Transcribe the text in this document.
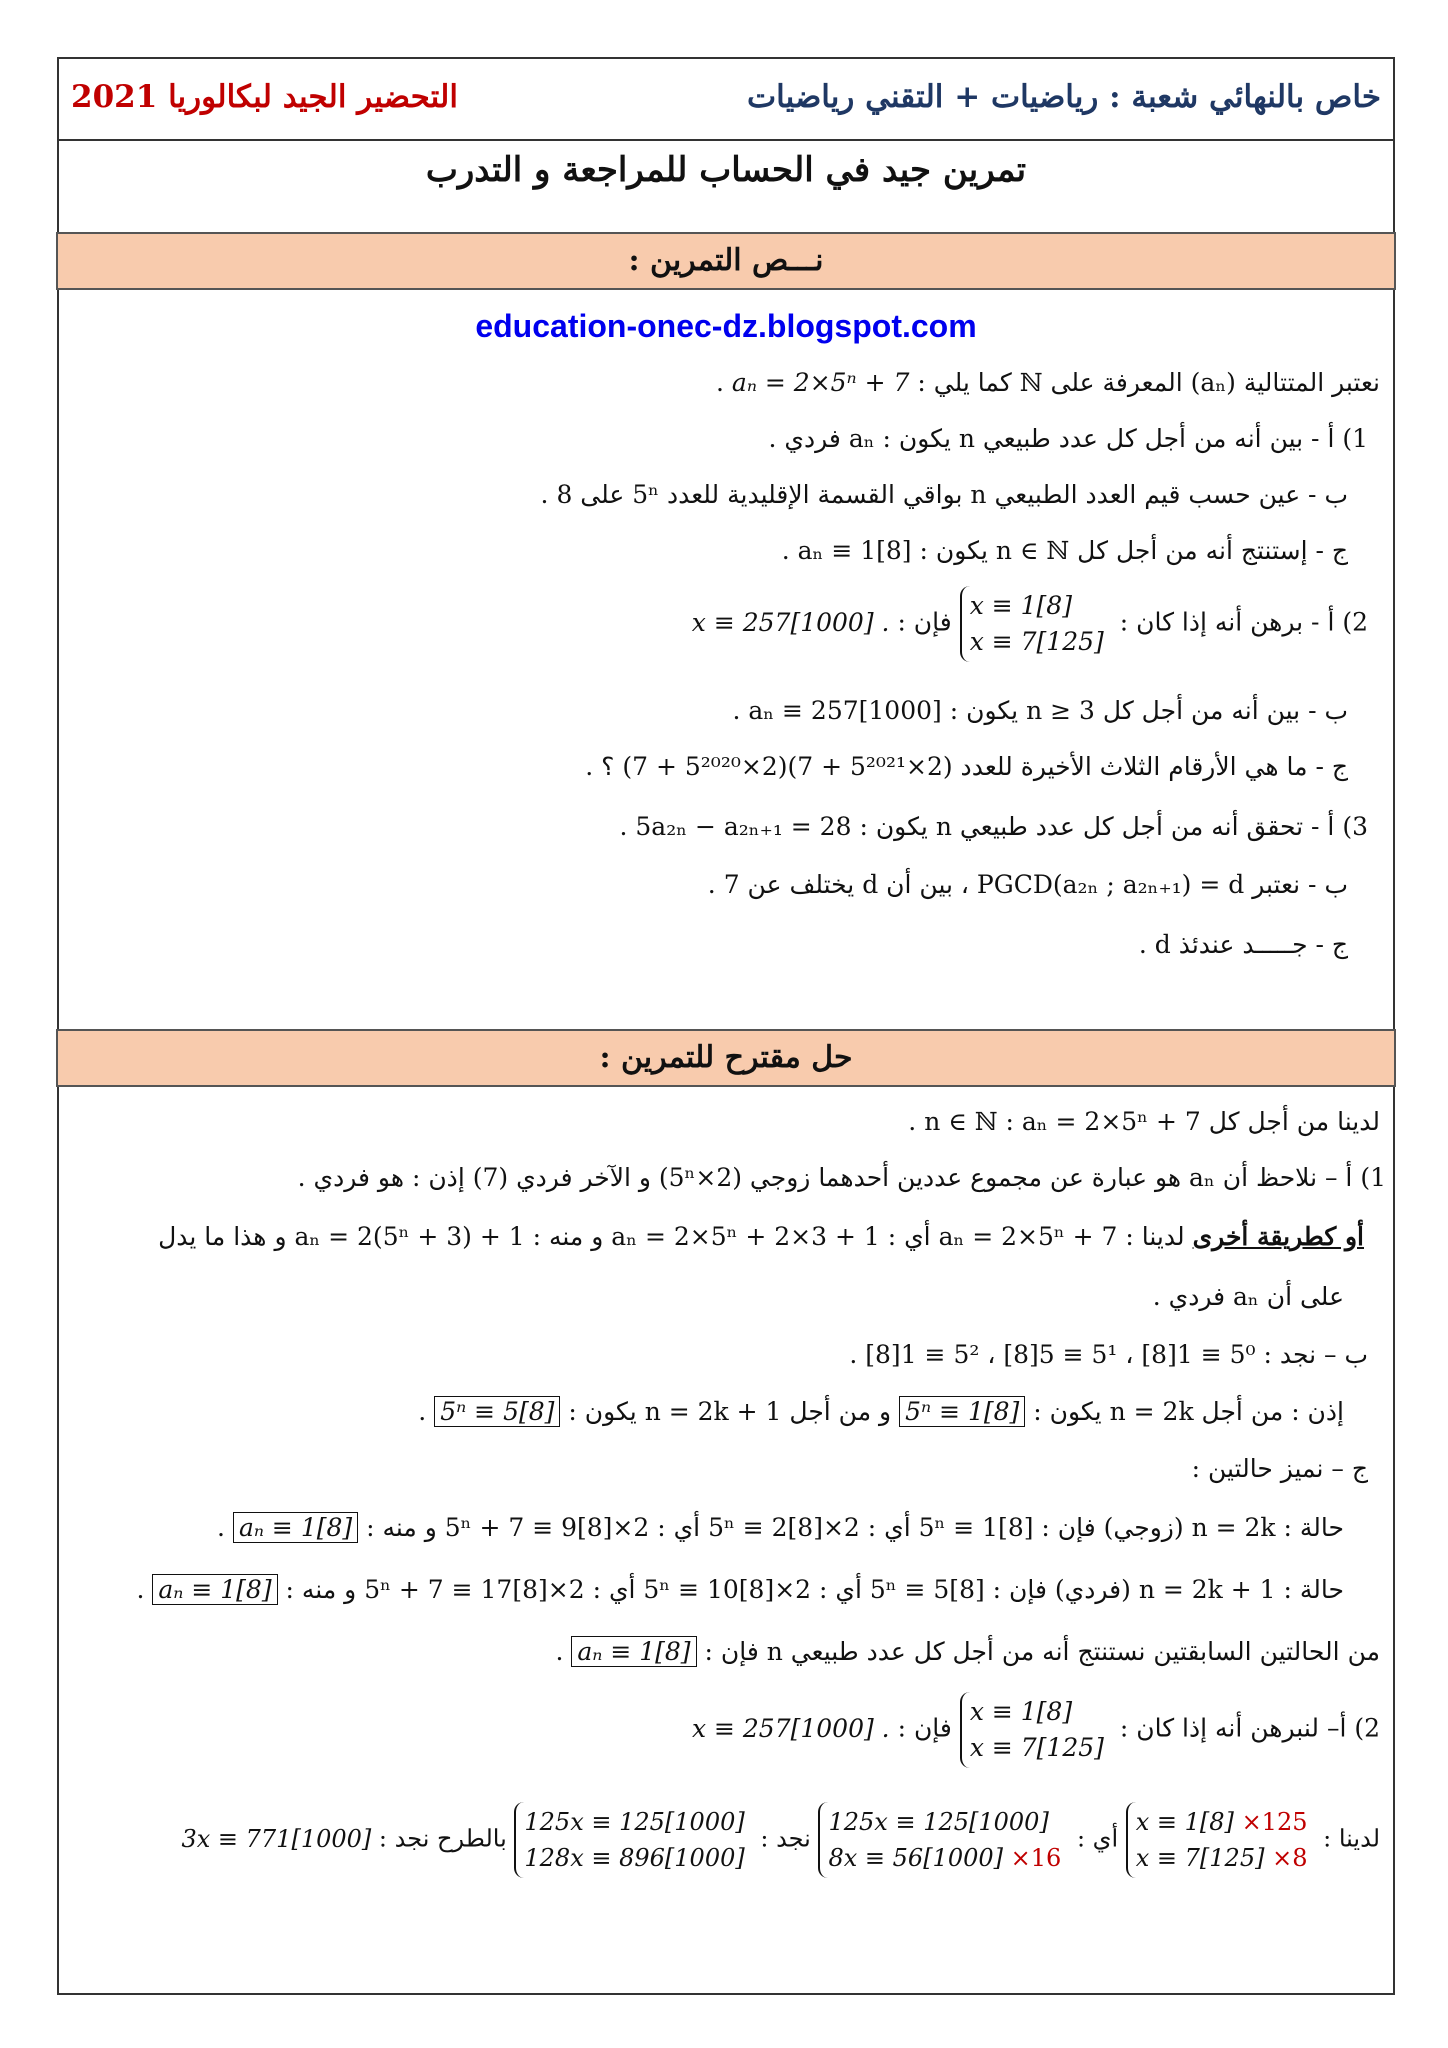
خاص بالنهائي شعبة : رياضيات + التقني رياضيات
التحضير الجيد لبكالوريا 2021
تمرين جيد في الحساب للمراجعة و التدرب
نـــص التمرين :
education-onec-dz.blogspot.com
نعتبر المتتالية (aₙ) المعرفة على ℕ كما يلي : aₙ = 2×5ⁿ + 7 .
1) أ - بين أنه من أجل كل عدد طبيعي n يكون : aₙ فردي .
ب - عين حسب قيم العدد الطبيعي n بواقي القسمة الإقليدية للعدد 5ⁿ على 8 .
ج - إستنتج أنه من أجل كل n ∈ ℕ يكون : aₙ ≡ 1[8] .
2) أ - برهن أنه إذا كان : x ≡ 1[8]
x ≡ 7[125] فإن : x ≡ 257[1000] .
ب - بين أنه من أجل كل n ≥ 3 يكون : aₙ ≡ 257[1000] .
ج - ما هي الأرقام الثلاث الأخيرة للعدد (2×5²⁰²¹ + 7)(2×5²⁰²⁰ + 7) ؟ .
3) أ - تحقق أنه من أجل كل عدد طبيعي n يكون : 5a₂ₙ − a₂ₙ₊₁ = 28 .
ب - نعتبر PGCD(a₂ₙ ; a₂ₙ₊₁) = d ، بين أن d يختلف عن 7 .
ج - جـــــد عندئذ d .
حل مقترح للتمرين :
لدينا من أجل كل n ∈ ℕ : aₙ = 2×5ⁿ + 7 .
1) أ – نلاحظ أن aₙ هو عبارة عن مجموع عددين أحدهما زوجي (2×5ⁿ) و الآخر فردي (7) إذن : هو فردي .
أو كطريقة أخرى لدينا : aₙ = 2×5ⁿ + 7 أي : aₙ = 2×5ⁿ + 2×3 + 1 و منه : aₙ = 2(5ⁿ + 3) + 1 و هذا ما يدل
على أن aₙ فردي .
ب – نجد : 5⁰ ≡ 1[8] ، 5¹ ≡ 5[8] ، 5² ≡ 1[8] .
إذن : من أجل n = 2k يكون : 5ⁿ ≡ 1[8] و من أجل n = 2k + 1 يكون : 5ⁿ ≡ 5[8] .
ج – نميز حالتين :
حالة : n = 2k (زوجي) فإن : 5ⁿ ≡ 1[8] أي : 2×5ⁿ ≡ 2[8] أي : 2×5ⁿ + 7 ≡ 9[8] و منه : aₙ ≡ 1[8] .
حالة : n = 2k + 1 (فردي) فإن : 5ⁿ ≡ 5[8] أي : 2×5ⁿ ≡ 10[8] أي : 2×5ⁿ + 7 ≡ 17[8] و منه : aₙ ≡ 1[8] .
من الحالتين السابقتين نستنتج أنه من أجل كل عدد طبيعي n فإن : aₙ ≡ 1[8] .
2) أ– لنبرهن أنه إذا كان : x ≡ 1[8]
x ≡ 7[125] فإن : x ≡ 257[1000] .
لدينا : x ≡ 1[8] ×125
x ≡ 7[125] ×8 أي : 125x ≡ 125[1000]
8x ≡ 56[1000] ×16 نجد : 125x ≡ 125[1000]
128x ≡ 896[1000] بالطرح نجد : 3x ≡ 771[1000]
